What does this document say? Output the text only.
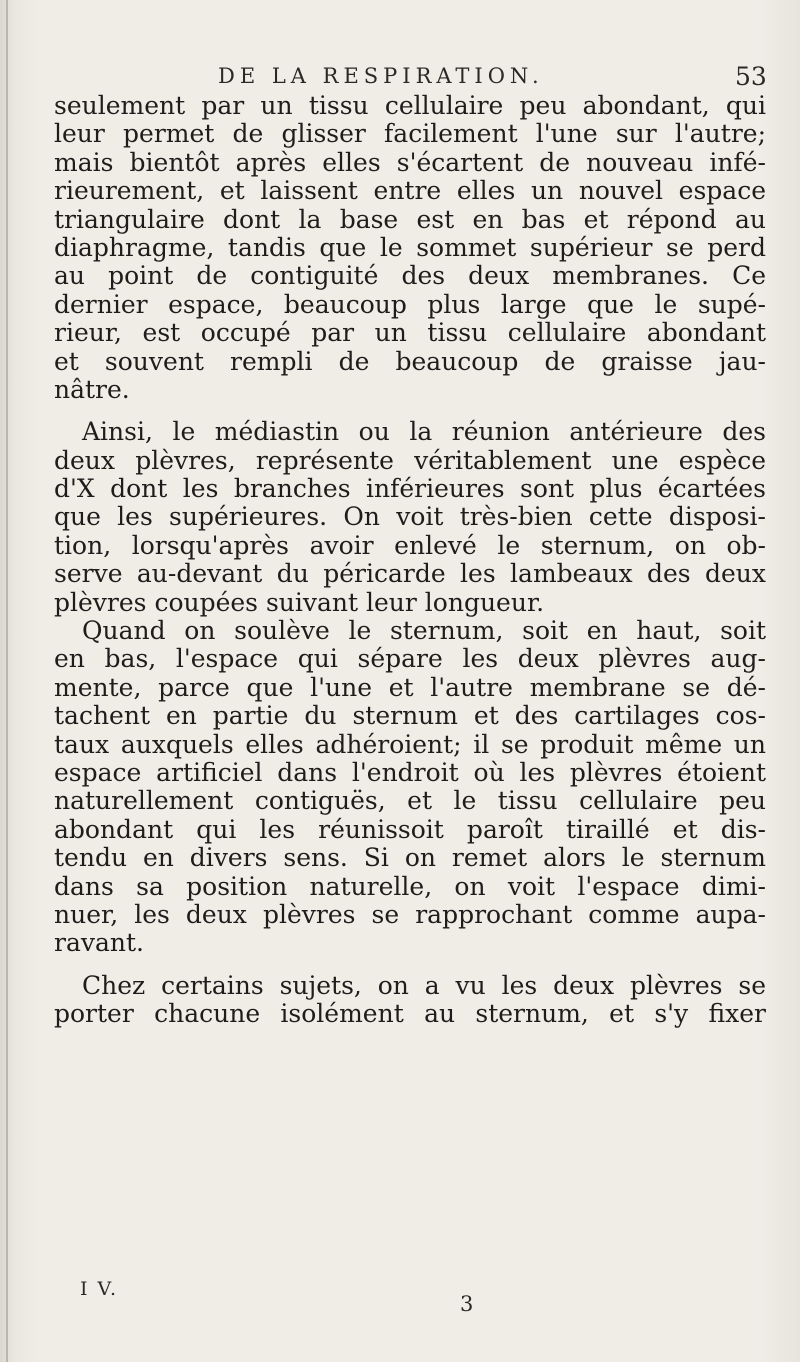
DE LA RESPIRATION.	53
seulement par un tissu cellulaire peu abondant, qui
leur permet de glisser facilement l'une sur l'autre;
mais bientôt après elles s'écartent de nouveau infé-
rieurement, et laissent entre elles un nouvel espace
triangulaire dont la base est en bas et répond au
diaphragme, tandis que le sommet supérieur se perd
au point de contiguité des deux membranes. Ce
dernier espace, beaucoup plus large que le supé-
rieur, est occupé par un tissu cellulaire abondant
et souvent rempli de beaucoup de graisse jau-
nâtre.
Ainsi, le médiastin ou la réunion antérieure des
deux plèvres, représente véritablement une espèce
d'X dont les branches inférieures sont plus écartées
que les supérieures. On voit très-bien cette disposi-
tion, lorsqu'après avoir enlevé le sternum, on ob-
serve au-devant du péricarde les lambeaux des deux
plèvres coupées suivant leur longueur.
Quand on soulève le sternum, soit en haut, soit
en bas, l'espace qui sépare les deux plèvres aug-
mente, parce que l'une et l'autre membrane se dé-
tachent en partie du sternum et des cartilages cos-
taux auxquels elles adhéroient; il se produit même un
espace artificiel dans l'endroit où les plèvres étoient
naturellement contiguës, et le tissu cellulaire peu
abondant qui les réunissoit paroît tiraillé et dis-
tendu en divers sens. Si on remet alors le sternum
dans sa position naturelle, on voit l'espace dimi-
nuer, les deux plèvres se rapprochant comme aupa-
ravant.
Chez certains sujets, on a vu les deux plèvres se
porter chacune isolément au sternum, et s'y fixer
I V.
3
